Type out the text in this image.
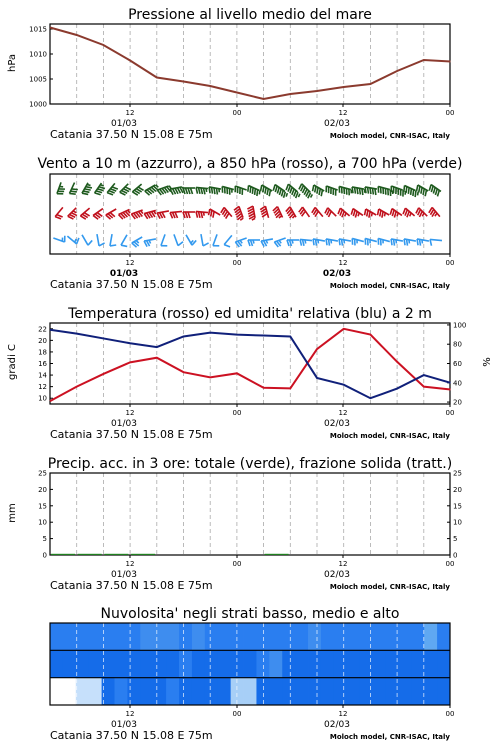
Pressione al livello medio del mare
hPa
12	00	12	00
01/03	02/03
Catania 37.50 N 15.08 E 75m	Moloch model, CNR-ISAC, Italy
1000
1005
1010
1015
Vento a 10 m (azzurro), a 850 hPa (rosso), a 700 hPa (verde)
12	00	12	00
01/03	02/03
Catania 37.50 N 15.08 E 75m	Moloch model, CNR-ISAC, Italy
Temperatura (rosso) ed umidita' relativa (blu) a 2 m
gradi C	%
12	00	12	00
01/03	02/03
Catania 37.50 N 15.08 E 75m	Moloch model, CNR-ISAC, Italy
10
12
14
16
18
20
22
20
40
60
80
100
Precip. acc. in 3 ore: totale (verde), frazione solida (tratt.)
mm
12	00	12	00
01/03	02/03
Catania 37.50 N 15.08 E 75m	Moloch model, CNR-ISAC, Italy
0
5
10
15
20
25
0
5
10
15
20
25
Nuvolosita' negli strati basso, medio e alto
12	00	12	00
01/03	02/03
Catania 37.50 N 15.08 E 75m	Moloch model, CNR-ISAC, Italy
